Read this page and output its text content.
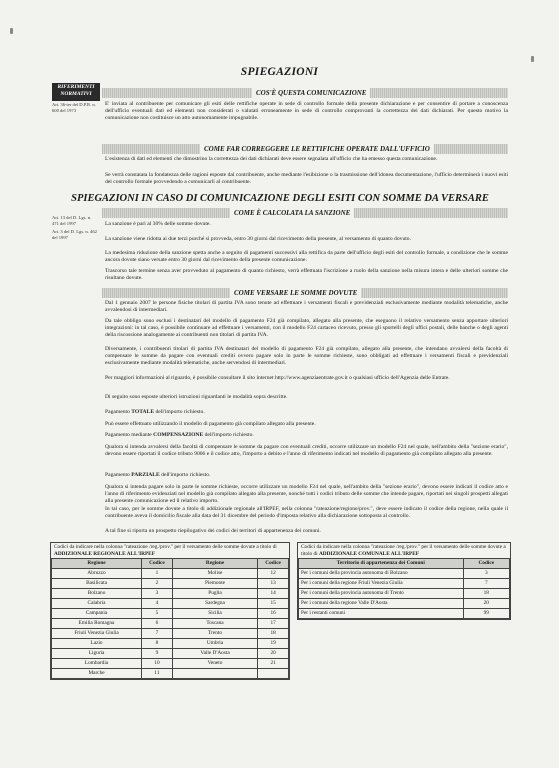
SPIEGAZIONI
RIFERIMENTI NORMATIVI	COS'È QUESTA COMUNICAZIONE
Art. 36-ter del D.P.R. n. 600 del 1973
E' inviata al contribuente per comunicare gli esiti delle rettifiche operate in sede di controllo formale della presente dichiarazione e per consentire di portare a conoscenza dell'ufficio eventuali dati ed elementi non considerati o valutati erroneamente in sede di controllo comprovanti la correttezza dei dati dichiarati. Per questo motivo la comunicazione non costituisce un atto autonomamente impugnabile.
COME FAR CORREGGERE LE RETTIFICHE OPERATE DALL'UFFICIO
L'esistenza di dati ed elementi che dimostrino la correttezza dei dati dichiarati deve essere segnalata all'ufficio che ha emesso questa comunicazione.
Se verrà constatata la fondatezza delle ragioni esposte dal contribuente, anche mediante l'esibizione o la trasmissione dell'idonea documentazione, l'ufficio determinerà i nuovi esiti del controllo formale provvedendo a comunicarli al contribuente.
SPIEGAZIONI IN CASO DI COMUNICAZIONE DEGLI ESITI CON SOMME DA VERSARE
COME È CALCOLATA LA SANZIONE
Art. 13 del D. Lgs. n. 471 del 1997
Art. 3 del D. Lgs. n. 462 del 1997
La sanzione è pari al 30% delle somme dovute.
La sanzione viene ridotta ai due terzi purché si provveda, entro 30 giorni dal ricevimento della presente, al versamento di quanto dovuto.
La medesima riduzione della sanzione spetta anche a seguito di pagamenti successivi alla rettifica da parte dell'ufficio degli esiti del controllo formale, a condizione che le somme ancora dovute siano versate entro 30 giorni dal ricevimento della presente comunicazione.
Trascorso tale termine senza aver provveduto al pagamento di quanto richiesto, verrà effettuata l'iscrizione a ruolo della sanzione nella misura intera e delle ulteriori somme che risultano dovute.
COME VERSARE LE SOMME DOVUTE
Dal 1 gennaio 2007 le persone fisiche titolari di partita IVA sono tenute ad effettuare i versamenti fiscali e previdenziali esclusivamente mediante modalità telematiche, anche avvalendosi di intermediari.
Da tale obbligo sono esclusi i destinatari del modello di pagamento F24 già compilato, allegato alla presente, che eseguono il relativo versamento senza apportare ulteriori integrazioni: in tal caso, è possibile continuare ad effettuare i versamenti, con il modello F24 cartaceo ricevuto, presso gli sportelli degli uffici postali, delle banche o degli agenti della riscossione analogamente ai contribuenti non titolari di partita IVA.
Diversamente, i contribuenti titolari di partita IVA destinatari del modello di pagamento F24 già compilato, allegato alla presente, che intendano avvalersi della facoltà di compensare le somme da pagare con eventuali crediti ovvero pagare solo in parte le somme richieste, sono obbligati ad effettuare i versamenti fiscali e previdenziali esclusivamente mediante modalità telematiche, anche servendosi di intermediari.
Per maggiori informazioni al riguardo, è possibile consultare il sito internet http://www.agenziaentrate.gov.it o qualsiasi ufficio dell'Agenzia delle Entrate.
Di seguito sono esposte ulteriori istruzioni riguardanti le modalità sopra descritte.
Pagamento TOTALE dell'importo richiesto.
Può essere effettuato utilizzando il modello di pagamento già compilato allegato alla presente.
Pagamento mediante COMPENSAZIONE dell'importo richiesto.
Qualora si intenda avvalersi della facoltà di compensare le somme da pagare con eventuali crediti, occorre utilizzare un modello F24 nel quale, nell'ambito della "sezione erario", devono essere riportati il codice tributo 9006 e il codice atto, l'importo a debito e l'anno di riferimento indicati nel modello di pagamento già compilato allegato alla presente.
Pagamento PARZIALE dell'importo richiesto.
Qualora si intenda pagare solo in parte le somme richieste, occorre utilizzare un modello F24 nel quale, nell'ambito della "sezione erario", devono essere indicati il codice atto e l'anno di riferimento evidenziati nel modello già compilato allegato alla presente, nonché tutti i codici tributo delle somme che intende pagare, riportati nei singoli prospetti allegati alla presente comunicazione ed il relativo importo.
In tal caso, per le somme dovute a titolo di addizionale regionale all'IRPEF, nella colonna "rateazione/regione/prov.", deve essere indicato il codice della regione, nella quale il contribuente aveva il domicilio fiscale alla data del 31 dicembre del periodo d'imposta relativo alla dichiarazione sottoposta al controllo.
A tal fine si riporta un prospetto riepilogativo dei codici dei territori di appartenenza dei comuni.
Codici da indicare nella colonna "rateazione /reg./prov." per il versamento delle somme dovute a titolo di ADDIZIONALE REGIONALE ALL'IRPEF
Regione	Codice	Regione	Codice
Abruzzo	1	Molise	12
Basilicata	2	Piemonte	13
Bolzano	3	Puglia	14
Calabria	4	Sardegna	15
Campania	5	Sicilia	16
Emilia Romagna	6	Toscana	17
Friuli Venezia Giulia	7	Trento	18
Lazio	8	Umbria	19
Liguria	9	Valle D'Aosta	20
Lombardia	10	Veneto	21
Marche	11		
Codici da indicare nella colonna "rateazione /reg./prov." per il versamento delle somme dovute a titolo di ADDIZIONALE COMUNALE ALL'IRPEF
Territorio di appartenenza dei Comuni	Codice
Per i comuni della provincia autonoma di Bolzano	3
Per i comuni della regione Friuli Venezia Giulia	7
Per i comuni della provincia autonoma di Trento	18
Per i comuni della regione Valle D'Aosta	20
Per i restanti comuni	99
